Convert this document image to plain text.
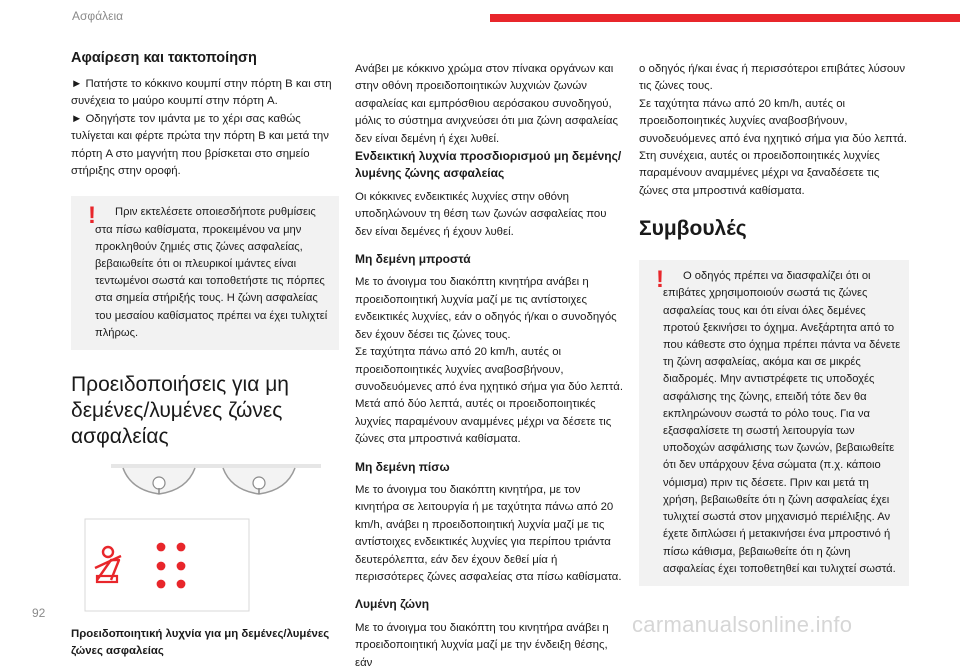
Ασφάλεια
Αφαίρεση και τακτοποίηση

► Πατήστε το κόκκινο κουμπί στην πόρτη B και στη συνέχεια το μαύρο κουμπί στην πόρτη A.

► Οδηγήστε τον ιμάντα με το χέρι σας καθώς τυλίγεται και φέρτε πρώτα την πόρτη B και μετά την πόρτη A στο μαγνήτη που βρίσκεται στο σημείο στήριξης στην οροφή.

!	Πριν εκτελέσετε οποιεσδήποτε ρυθμίσεις στα πίσω καθίσματα, προκειμένου να μην προκληθούν ζημιές στις ζώνες ασφαλείας, βεβαιωθείτε ότι οι πλευρικοί ιμάντες είναι τεντωμένοι σωστά και τοποθετήστε τις πόρπες στα σημεία στήριξής τους. Η ζώνη ασφαλείας του μεσαίου καθίσματος πρέπει να έχει τυλιχτεί πλήρως.

Προειδοποιήσεις για μη δεμένες/λυμένες ζώνες ασφαλείας
Προειδοποιητική λυχνία για μη δεμένες/λυμένες ζώνες ασφαλείας

Ανάβει με κόκκινο χρώμα στον πίνακα οργάνων και στην οθόνη προειδοποιητικών λυχνιών ζωνών ασφαλείας και εμπρόσθιου αερόσακου συνοδηγού, μόλις το σύστημα ανιχνεύσει ότι μια ζώνη ασφαλείας δεν είναι δεμένη ή έχει λυθεί.

Ενδεικτική λυχνία προσδιορισμού μη δεμένης/λυμένης ζώνης ασφαλείας

Οι κόκκινες ενδεικτικές λυχνίες στην οθόνη υποδηλώνουν τη θέση των ζωνών ασφαλείας που δεν είναι δεμένες ή έχουν λυθεί.

Μη δεμένη μπροστά

Με το άνοιγμα του διακόπτη κινητήρα ανάβει η προειδοποιητική λυχνία μαζί με τις αντίστοιχες ενδεικτικές λυχνίες, εάν ο οδηγός ή/και ο συνοδηγός δεν έχουν δέσει τις ζώνες τους.

Σε ταχύτητα πάνω από 20 km/h, αυτές οι προειδοποιητικές λυχνίες αναβοσβήνουν, συνοδευόμενες από ένα ηχητικό σήμα για δύο λεπτά. Μετά από δύο λεπτά, αυτές οι προειδοποιητικές λυχνίες παραμένουν αναμμένες μέχρι να δέσετε τις ζώνες στα μπροστινά καθίσματα.

Μη δεμένη πίσω

Με το άνοιγμα του διακόπτη κινητήρα, με τον κινητήρα σε λειτουργία ή με ταχύτητα πάνω από 20 km/h, ανάβει η προειδοποιητική λυχνία μαζί με τις αντίστοιχες ενδεικτικές λυχνίες για περίπου τριάντα δευτερόλεπτα, εάν δεν έχουν δεθεί μία ή περισσότερες ζώνες ασφαλείας στα πίσω καθίσματα.

Λυμένη ζώνη

Με το άνοιγμα του διακόπτη του κινητήρα ανάβει η προειδοποιητική λυχνία μαζί με την ένδειξη θέσης, εάν

ο οδηγός ή/και ένας ή περισσότεροι επιβάτες λύσουν τις ζώνες τους.

Σε ταχύτητα πάνω από 20 km/h, αυτές οι προειδοποιητικές λυχνίες αναβοσβήνουν, συνοδευόμενες από ένα ηχητικό σήμα για δύο λεπτά. Στη συνέχεια, αυτές οι προειδοποιητικές λυχνίες παραμένουν αναμμένες μέχρι να ξαναδέσετε τις ζώνες στα μπροστινά καθίσματα.

Συμβουλές
!	Ο οδηγός πρέπει να διασφαλίζει ότι οι επιβάτες χρησιμοποιούν σωστά τις ζώνες ασφαλείας τους και ότι είναι όλες δεμένες προτού ξεκινήσει το όχημα. Ανεξάρτητα από το που κάθεστε στο όχημα πρέπει πάντα να δένετε τη ζώνη ασφαλείας, ακόμα και σε μικρές διαδρομές. Μην αντιστρέφετε τις υποδοχές ασφάλισης της ζώνης, επειδή τότε δεν θα εκπληρώνουν σωστά το ρόλο τους. Για να εξασφαλίσετε τη σωστή λειτουργία των υποδοχών ασφάλισης των ζωνών, βεβαιωθείτε ότι δεν υπάρχουν ξένα σώματα (π.χ. κάποιο νόμισμα) πριν τις δέσετε. Πριν και μετά τη χρήση, βεβαιωθείτε ότι η ζώνη ασφαλείας έχει τυλιχτεί σωστά στον μηχανισμό περιέλιξης. Αν έχετε διπλώσει ή μετακινήσει ένα μπροστινό ή πίσω κάθισμα, βεβαιωθείτε ότι η ζώνη ασφαλείας έχει τοποθετηθεί και τυλιχτεί σωστά.

92	carmanualsonline.info
